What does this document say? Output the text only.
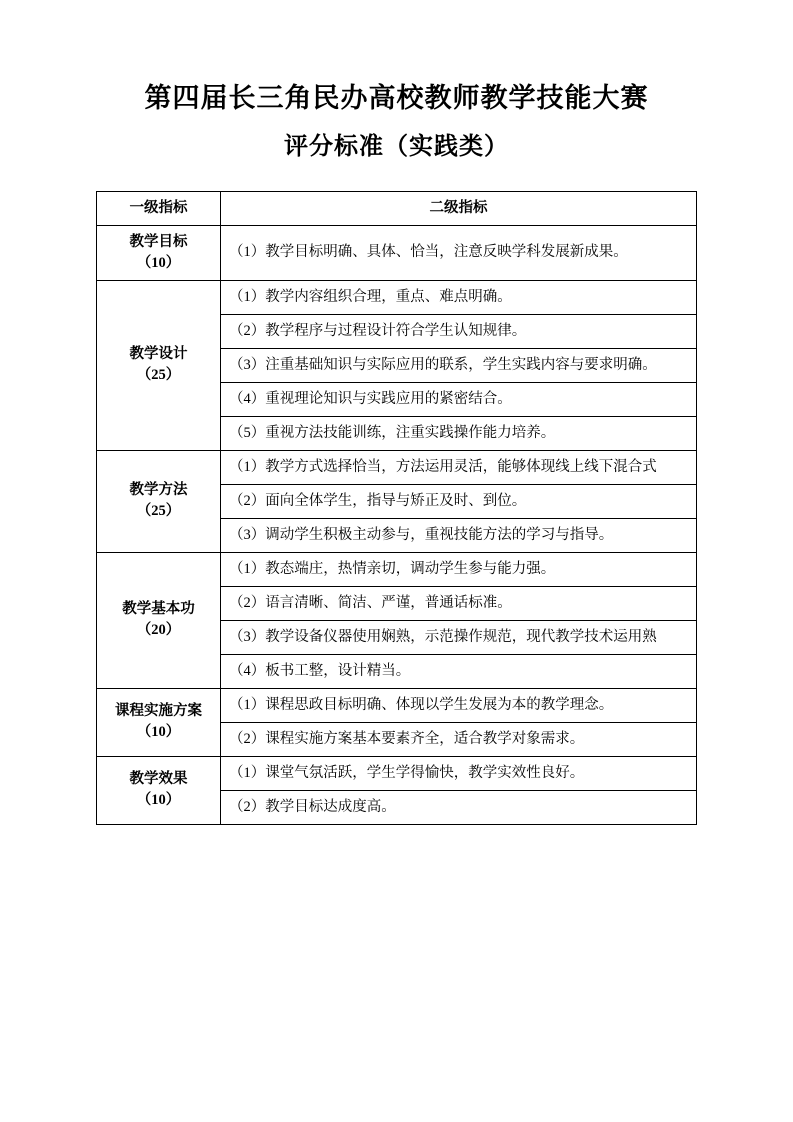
第四届长三角民办高校教师教学技能大赛
评分标准（实践类）
一级指标	二级指标

教学目标
（10）	（1）教学目标明确、具体、恰当，注意反映学科发展新成果。

教学设计
（25）	（1）教学内容组织合理，重点、难点明确。
	（2）教学程序与过程设计符合学生认知规律。
	（3）注重基础知识与实际应用的联系，学生实践内容与要求明确。
	（4）重视理论知识与实践应用的紧密结合。
	（5）重视方法技能训练，注重实践操作能力培养。

教学方法
（25）	（1）教学方式选择恰当，方法运用灵活，能够体现线上线下混合式
	（2）面向全体学生，指导与矫正及时、到位。
	（3）调动学生积极主动参与，重视技能方法的学习与指导。

教学基本功
（20）	（1）教态端庄，热情亲切，调动学生参与能力强。
	（2）语言清晰、简洁、严谨，普通话标准。
	（3）教学设备仪器使用娴熟，示范操作规范，现代教学技术运用熟
	（4）板书工整，设计精当。

课程实施方案
（10）	（1）课程思政目标明确、体现以学生发展为本的教学理念。
	（2）课程实施方案基本要素齐全，适合教学对象需求。

教学效果
（10）	（1）课堂气氛活跃，学生学得愉快，教学实效性良好。
	（2）教学目标达成度高。
